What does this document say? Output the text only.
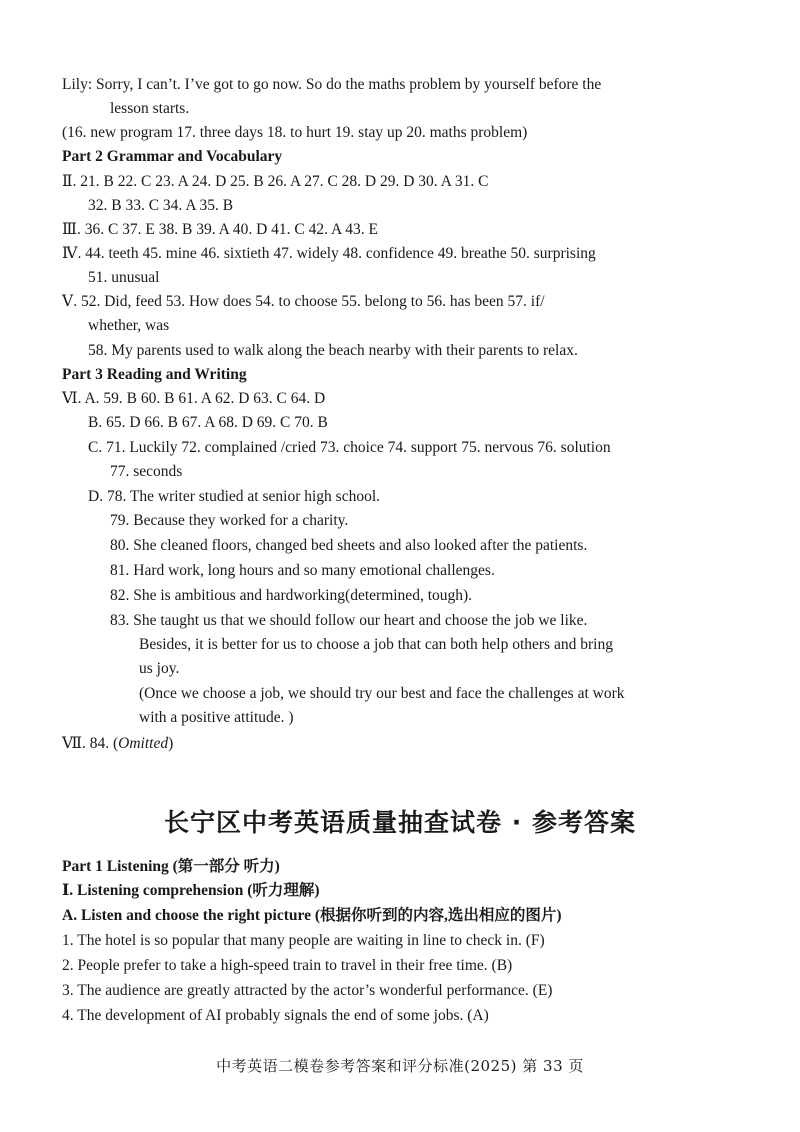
Lily: Sorry, I can’t. I’ve got to go now. So do the maths problem by yourself before the
lesson starts.
(16. new program 17. three days 18. to hurt 19. stay up 20. maths problem)
Part 2 Grammar and Vocabulary
Ⅱ. 21. B 22. C 23. A 24. D 25. B 26. A 27. C 28. D 29. D 30. A 31. C
32. B 33. C 34. A 35. B
Ⅲ. 36. C 37. E 38. B 39. A 40. D 41. C 42. A 43. E
Ⅳ. 44. teeth 45. mine 46. sixtieth 47. widely 48. confidence 49. breathe 50. surprising
51. unusual
Ⅴ. 52. Did, feed 53. How does 54. to choose 55. belong to 56. has been 57. if/
whether, was
58. My parents used to walk along the beach nearby with their parents to relax.
Part 3 Reading and Writing
Ⅵ. A. 59. B 60. B 61. A 62. D 63. C 64. D
B. 65. D 66. B 67. A 68. D 69. C 70. B
C. 71. Luckily 72. complained /cried 73. choice 74. support 75. nervous 76. solution
77. seconds
D. 78. The writer studied at senior high school.
79. Because they worked for a charity.
80. She cleaned floors, changed bed sheets and also looked after the patients.
81. Hard work, long hours and so many emotional challenges.
82. She is ambitious and hardworking(determined, tough).
83. She taught us that we should follow our heart and choose the job we like.
Besides, it is better for us to choose a job that can both help others and bring
us joy.
(Once we choose a job, we should try our best and face the challenges at work
with a positive attitude. )
Ⅶ. 84. (Omitted)
长宁区中考英语质量抽查试卷 · 参考答案
Part 1 Listening (第一部分 听力)
Ⅰ. Listening comprehension (听力理解)
A. Listen and choose the right picture (根据你听到的内容,选出相应的图片)
1. The hotel is so popular that many people are waiting in line to check in. (F)
2. People prefer to take a high-speed train to travel in their free time. (B)
3. The audience are greatly attracted by the actor’s wonderful performance. (E)
4. The development of AI probably signals the end of some jobs. (A)
中考英语二模卷参考答案和评分标准(2025) 第 33 页
